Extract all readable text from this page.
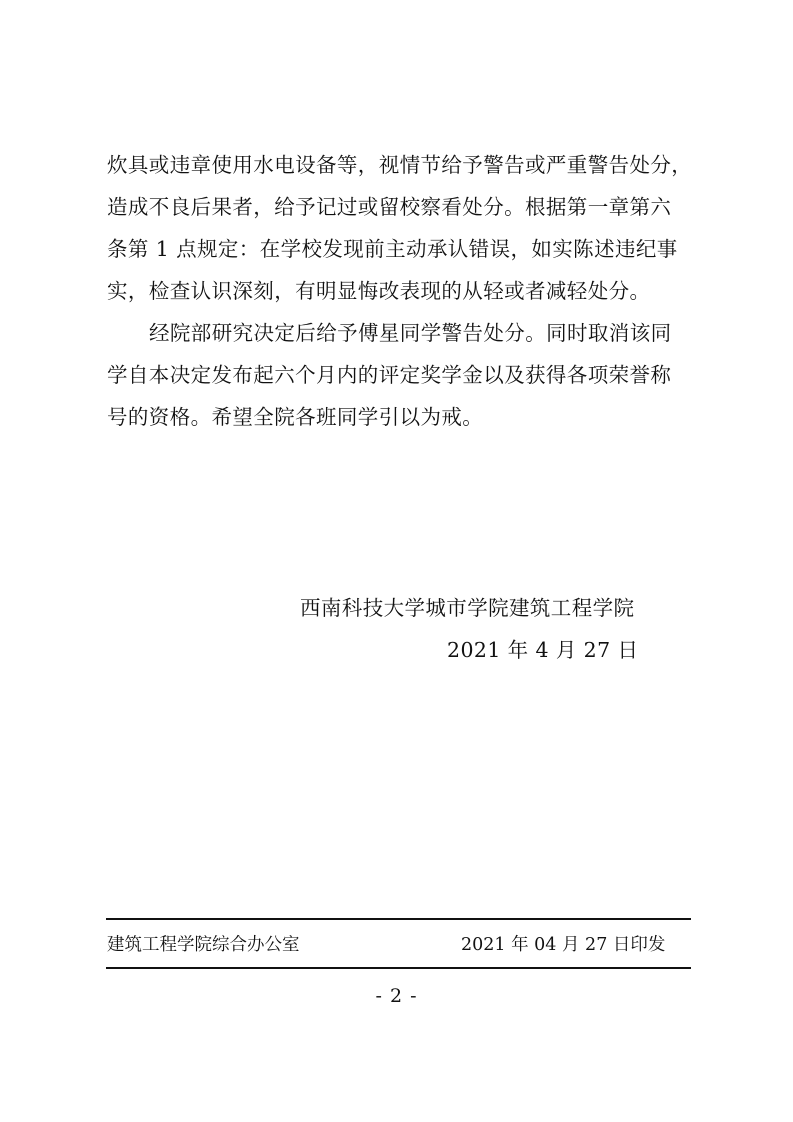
炊具或违章使用水电设备等，视情节给予警告或严重警告处分，
造成不良后果者，给予记过或留校察看处分。根据第一章第六
条第 1 点规定：在学校发现前主动承认错误，如实陈述违纪事
实，检查认识深刻，有明显悔改表现的从轻或者减轻处分。

经院部研究决定后给予傅星同学警告处分。同时取消该同
学自本决定发布起六个月内的评定奖学金以及获得各项荣誉称
号的资格。希望全院各班同学引以为戒。

西南科技大学城市学院建筑工程学院
2021 年 4 月 27 日
建筑工程学院综合办公室	2021 年 04 月 27 日印发
- 2 -
